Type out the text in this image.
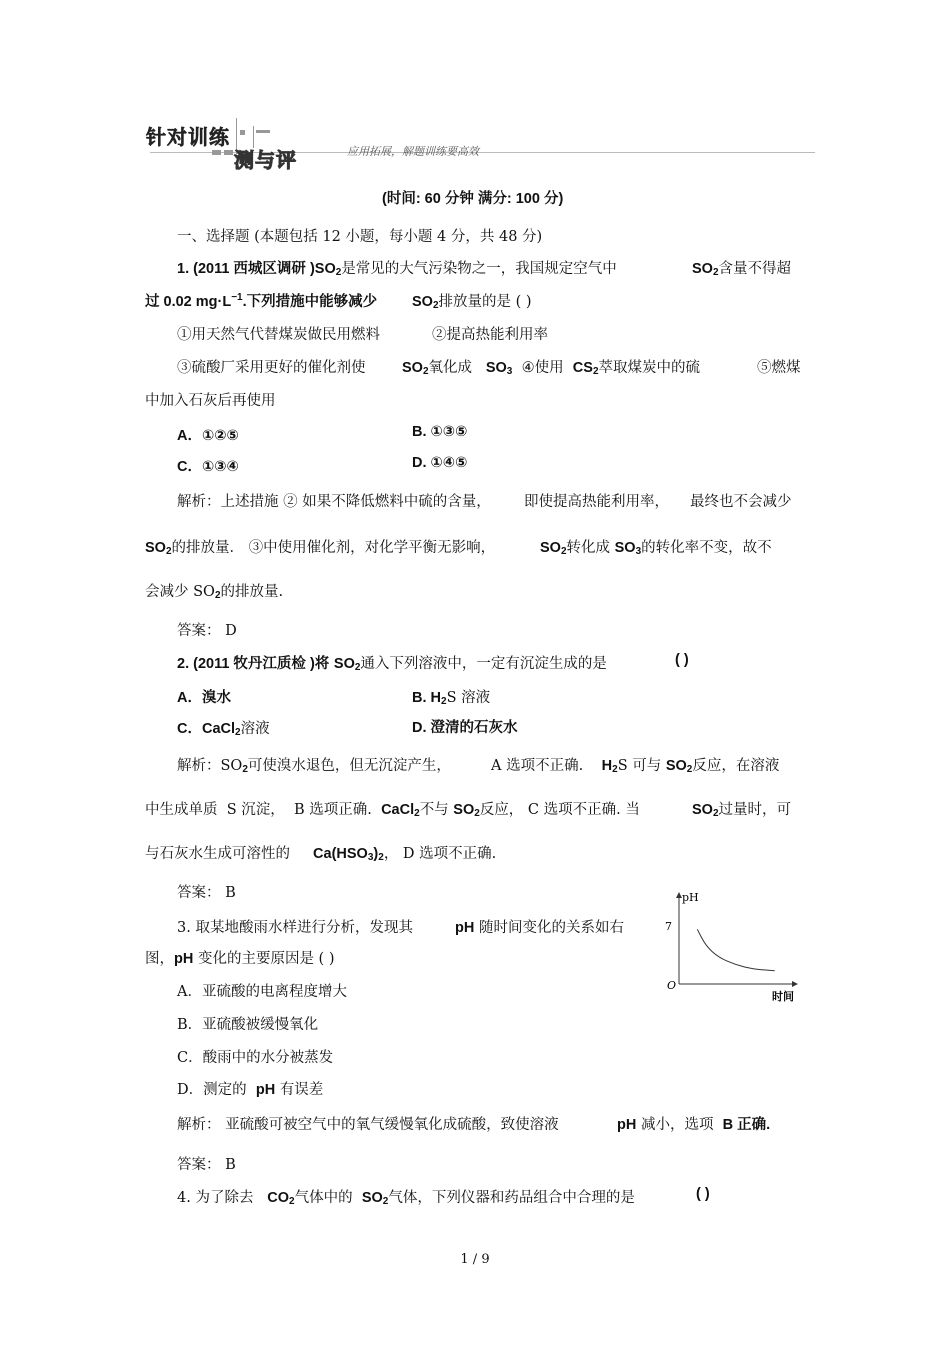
针对训练
测与评	应用拓展，解题训练要高效
(时间: 60 分钟 满分: 100 分)
一、选择题 (本题包括 12 小题，每小题 4 分，共 48 分)
1. (2011 西城区调研 )$SO_2$是常见的大气污染物之一，我国规定空气中	$SO_2$含量不得超
过 0.02 $mg\cdot L^{-1}$.下列措施中能够减少 $SO_2$排放量的是 ( )
①用天然气代替煤炭做民用燃料	②提高热能利用率
③硫酸厂采用更好的催化剂使	$SO_2$氧化成 $SO_3$ ④使用 $CS_2$萃取煤炭中的硫	⑤燃煤
中加入石灰后再使用
A．①②⑤	B. ①③⑤
C．①③④	D. ①④⑤
解析：上述措施 ② 如果不降低燃料中硫的含量， 即使提高热能利用率， 最终也不会减少
$SO_2$的排放量． ③中使用催化剂，对化学平衡无影响，	$SO_2$转化成 $SO_3$的转化率不变，故不
会减少 $SO_2$的排放量.
答案： D
2. (2011 牧丹江质检 )将 $SO_2$通入下列溶液中，一定有沉淀生成的是	( )
A．溴水	B. $H_2S$ 溶液
C．CaCl$_2$溶液	D. 澄清的石灰水
解析：$SO_2$可使溴水退色，但无沉淀产生，	A 选项不正确. $H_2S$ 可与 $SO_2$反应，在溶液
中生成单质 S 沉淀， B 选项正确. CaCl$_2$不与 $SO_2$反应， C 选项不正确. 当	$SO_2$过量时，可
与石灰水生成可溶性的 $Ca(HSO_3)_2$， D 选项不正确.
答案： B
3. 取某地酸雨水样进行分析，发现其	pH 随时间变化的关系如右
图，pH 变化的主要原因是 ( )
A．亚硫酸的电离程度增大
B．亚硫酸被缓慢氧化
C．酸雨中的水分被蒸发
D．测定的 pH 有误差
解析： 亚硫酸可被空气中的氧气缓慢氧化成硫酸，致使溶液	pH 减小，选项 B 正确.
答案： B
pH
7
O
时间
4. 为了除去 $CO_2$气体中的 $SO_2$气体，下列仪器和药品组合中合理的是	( )
1 / 9
